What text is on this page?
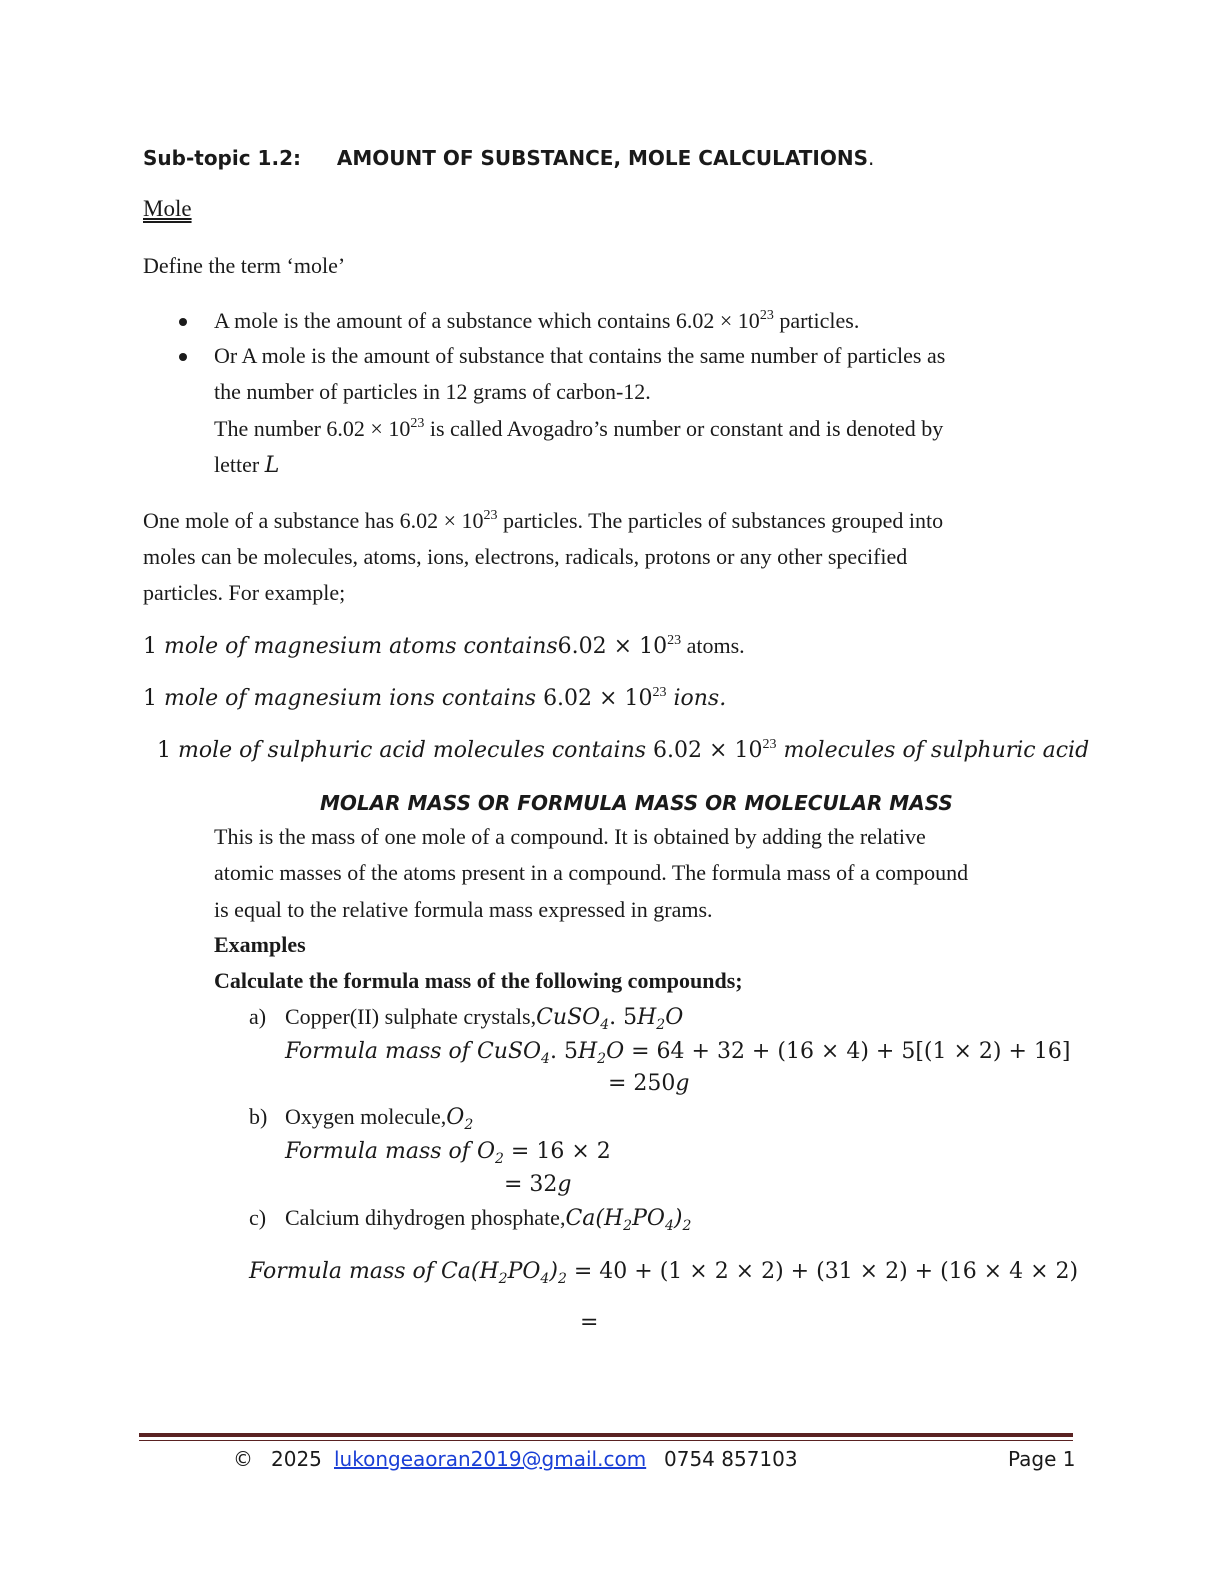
Sub-topic 1.2: AMOUNT OF SUBSTANCE, MOLE CALCULATIONS.
Mole
Define the term ‘mole’
A mole is the amount of a substance which contains $6.02 \times 10^{23}$ particles.
Or A mole is the amount of substance that contains the same number of particles as
the number of particles in 12 grams of carbon-12.
The number $6.02 \times 10^{23}$ is called Avogadro’s number or constant and is denoted by
letter L
One mole of a substance has $6.02 \times 10^{23}$ particles. The particles of substances grouped into
moles can be molecules, atoms, ions, electrons, radicals, protons or any other specified
particles. For example;
1 mole of magnesium atoms contains6.02 × $10^{23}$ atoms.
1 mole of magnesium ions contains $6.02 \times 10^{23}$ ions.
1 mole of sulphuric acid molecules contains $6.02 \times 10^{23}$ molecules of sulphuric acid
MOLAR MASS OR FORMULA MASS OR MOLECULAR MASS
This is the mass of one mole of a compound. It is obtained by adding the relative
atomic masses of the atoms present in a compound. The formula mass of a compound
is equal to the relative formula mass expressed in grams.
Examples
Calculate the formula mass of the following compounds;
a) Copper(II) sulphate crystals,CuSO$_4$. $5H_2O$
Formula mass of CuSO$_4$. $5H_2O = 64 + 32 + (16 \times 4) + 5[(1 \times 2) + 16]$
= 250g
b) Oxygen $molecule,O_2$
Formula mass of $O_2 = 16 \times 2$
= 32g
c) Calcium dihydrogen $phosphate,Ca(H_2PO_4)_2$
Formula mass of $Ca(H_2PO_4)_2 = 40 + (1 \times 2 \times 2) + (31 \times 2) + (16 \times 4 \times 2)$
=
© 2025 lukongeaoran2019@gmail.com 0754 857103	Page 1
